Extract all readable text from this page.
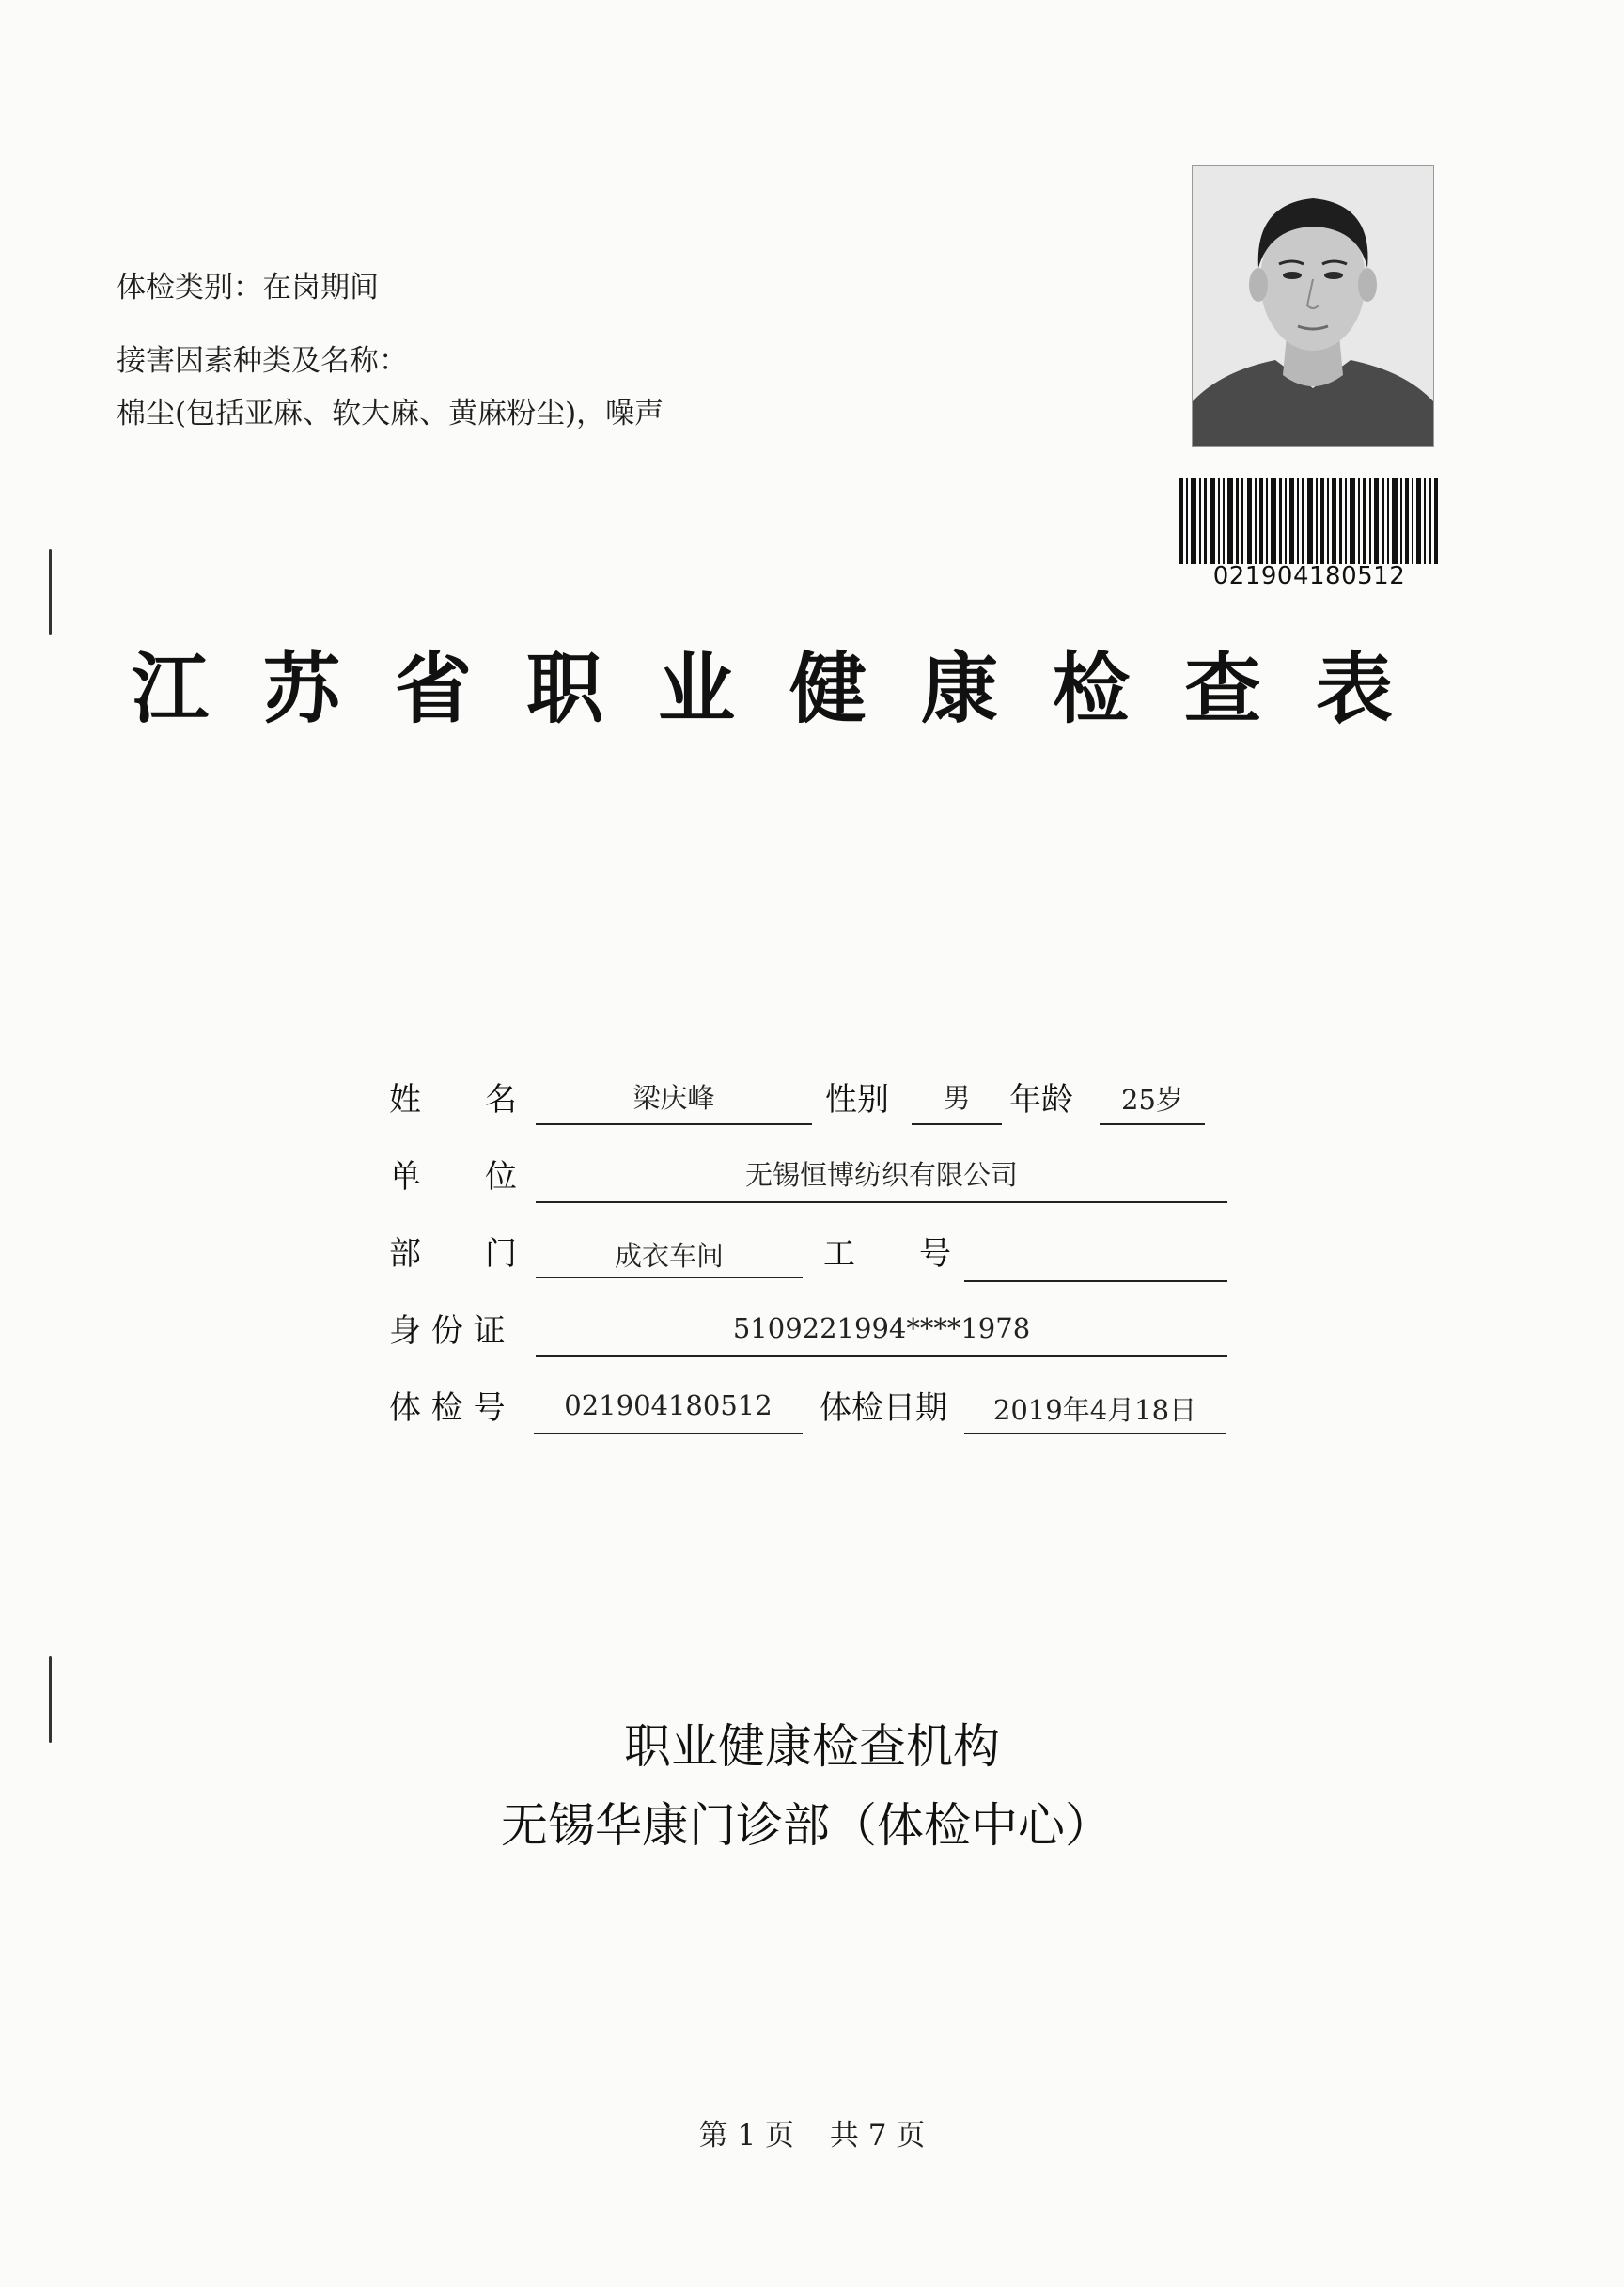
体检类别：在岗期间
接害因素种类及名称：
棉尘(包括亚麻、软大麻、黄麻粉尘)，噪声
021904180512
江苏省职业健康检查表
姓　　名	梁庆峰	性别	男	年龄	25岁
单　　位	无锡恒博纺织有限公司
部　　门	成衣车间	工　　号
身 份 证	5109221994****1978
体 检 号	021904180512	体检日期	2019年4月18日
职业健康检查机构
无锡华康门诊部（体检中心）
第 1 页 共 7 页
